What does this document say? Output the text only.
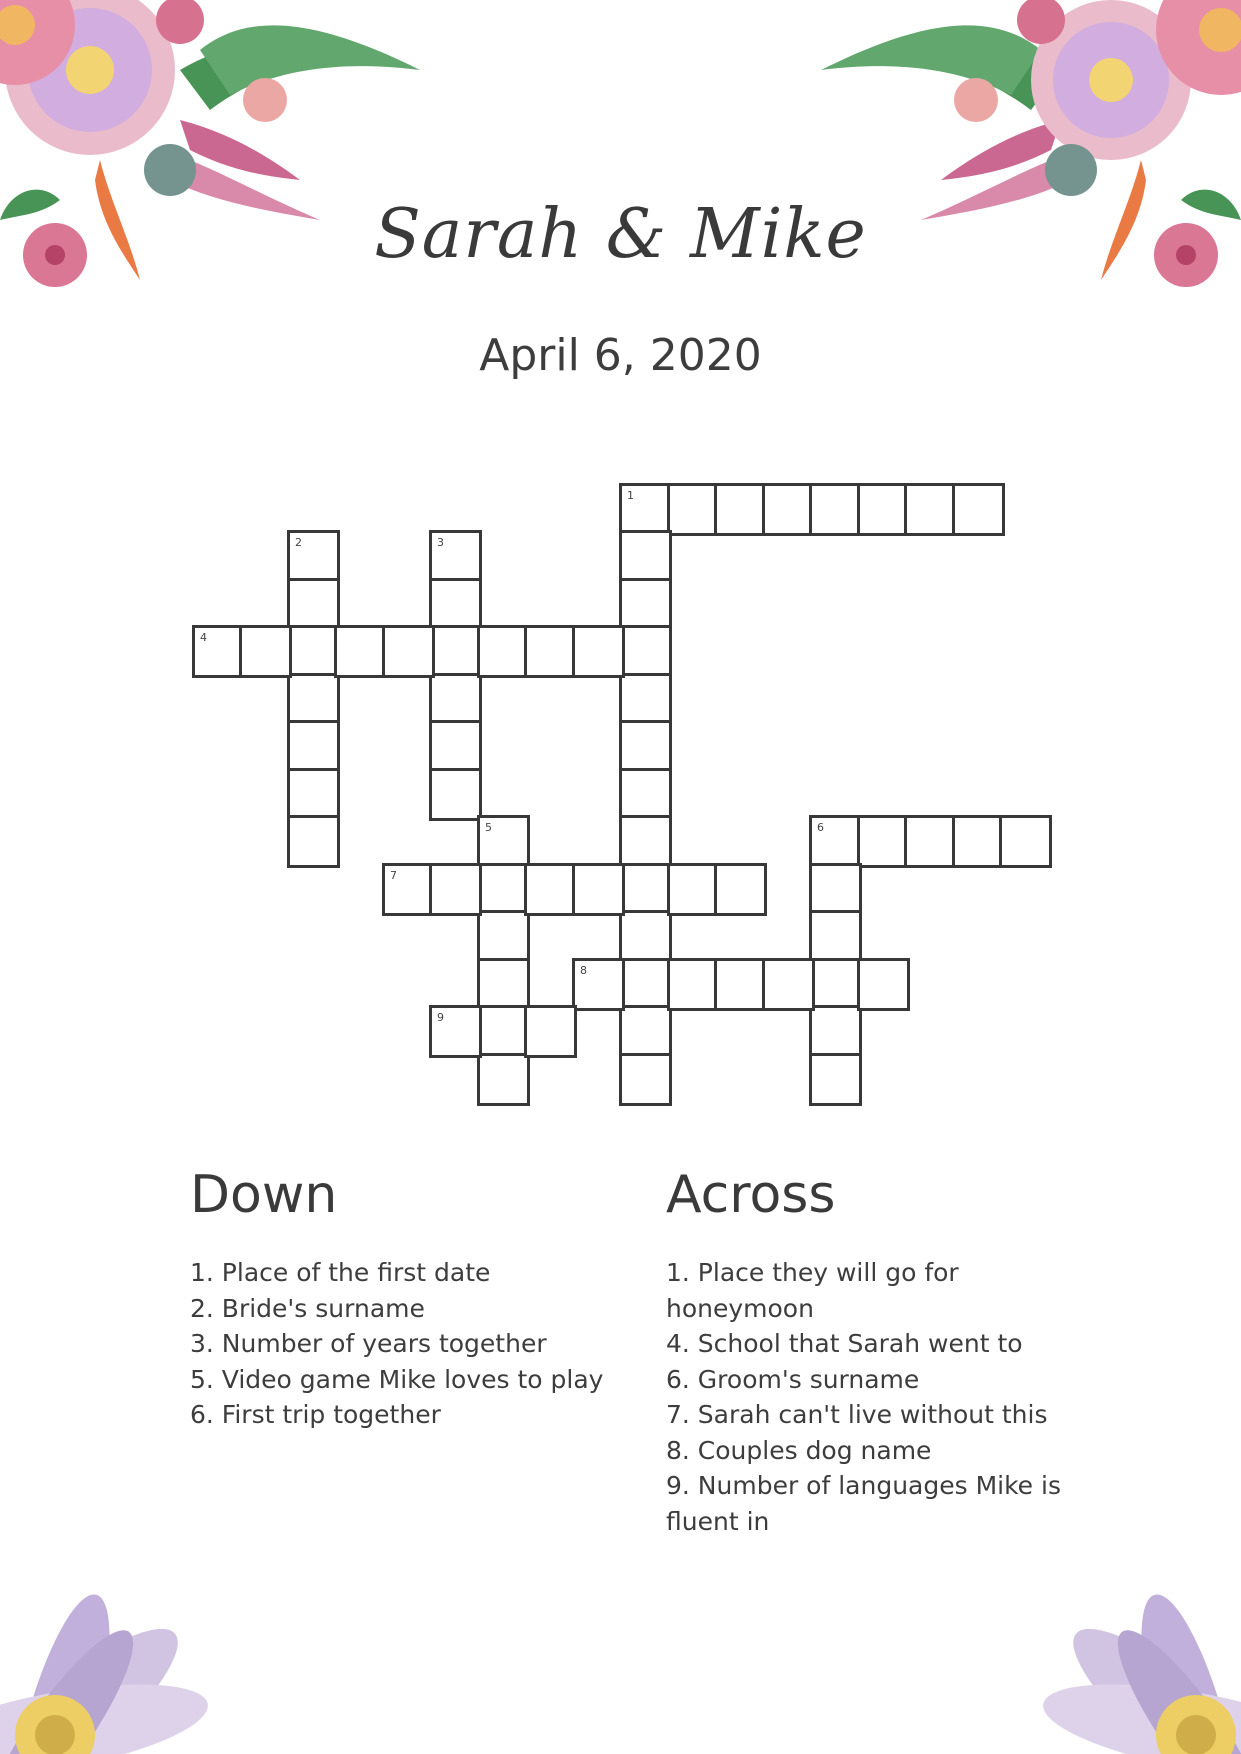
Sarah & Mike
April 6, 2020
1
2	3
4
5	6
7
8
9
Down
1. Place of the first date
2. Bride's surname
3. Number of years together
5. Video game Mike loves to play
6. First trip together
Across
1. Place they will go for honeymoon
4. School that Sarah went to
6. Groom's surname
7. Sarah can't live without this
8. Couples dog name
9. Number of languages Mike is fluent in
